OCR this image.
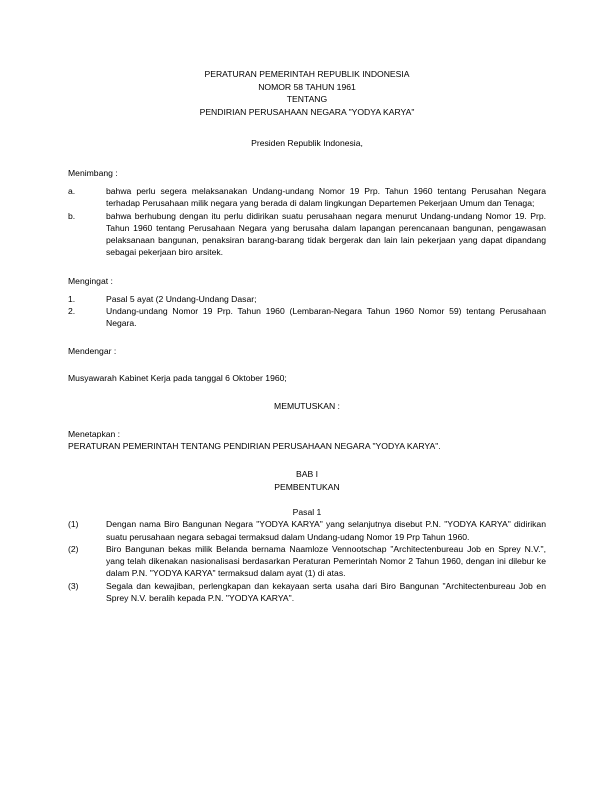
PERATURAN PEMERINTAH REPUBLIK INDONESIA
NOMOR 58 TAHUN 1961
TENTANG
PENDIRIAN PERUSAHAAN NEGARA "YODYA KARYA"
Presiden Republik Indonesia,
Menimbang :
a.	bahwa perlu segera melaksanakan Undang-undang Nomor 19 Prp. Tahun 1960 tentang Perusahan Negara terhadap Perusahaan milik negara yang berada di dalam lingkungan Departemen Pekerjaan Umum dan Tenaga;
b.	bahwa berhubung dengan itu perlu didirikan suatu perusahaan negara menurut Undang-undang Nomor 19. Prp. Tahun 1960 tentang Perusahaan Negara yang berusaha dalam lapangan perencanaan bangunan, pengawasan pelaksanaan bangunan, penaksiran barang-barang tidak bergerak dan lain lain pekerjaan yang dapat dipandang sebagai pekerjaan biro arsitek.
Mengingat :
1.	Pasal 5 ayat (2 Undang-Undang Dasar;
2.	Undang-undang Nomor 19 Prp. Tahun 1960 (Lembaran-Negara Tahun 1960 Nomor 59) tentang Perusahaan Negara.
Mendengar :
Musyawarah Kabinet Kerja pada tanggal 6 Oktober 1960;
MEMUTUSKAN :
Menetapkan :
PERATURAN PEMERINTAH TENTANG PENDIRIAN PERUSAHAAN NEGARA "YODYA KARYA".
BAB I
PEMBENTUKAN
Pasal 1
(1)	Dengan nama Biro Bangunan Negara "YODYA KARYA" yang selanjutnya disebut P.N. "YODYA KARYA" didirikan suatu perusahaan negara sebagai termaksud dalam Undang-udang Nomor 19 Prp Tahun 1960.
(2)	Biro Bangunan bekas milik Belanda bernama Naamloze Vennootschap "Architectenbureau Job en Sprey N.V.", yang telah dikenakan nasionalisasi berdasarkan Peraturan Pemerintah Nomor 2 Tahun 1960, dengan ini dilebur ke dalam P.N. "YODYA KARYA" termaksud dalam ayat (1) di atas.
(3)	Segala dan kewajiban, perlengkapan dan kekayaan serta usaha dari Biro Bangunan "Architectenbureau Job en Sprey N.V. beralih kepada P.N. "YODYA KARYA".
